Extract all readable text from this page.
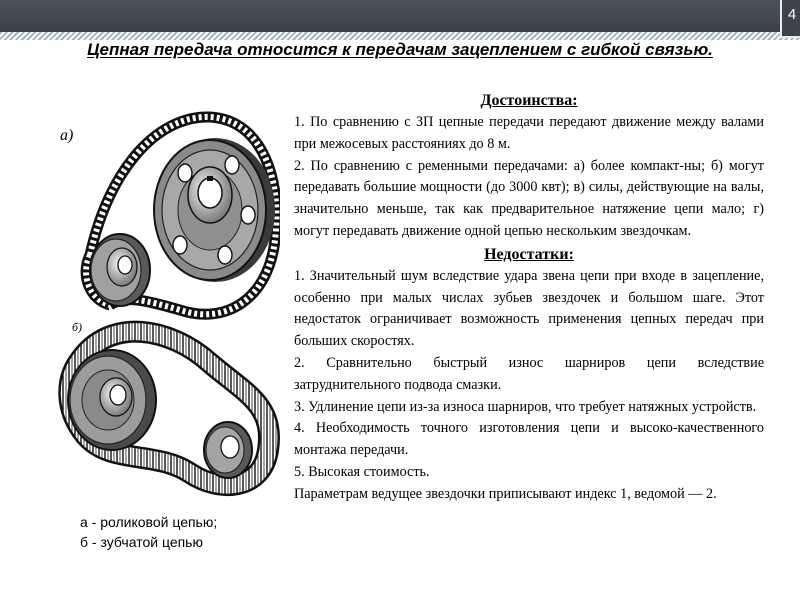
4
Цепная передача относится к передачам зацеплением с гибкой связью.
а)
б)
а - роликовой цепью;
б - зубчатой цепью
Достоинства:

1. По сравнению с ЗП цепные передачи передают движение между валами при межосевых расстояниях до 8 м.

2. По сравнению с ременными передачами: а) более компакт-ны; б) могут передавать большие мощности (до 3000 квт); в) силы, действующие на валы, значительно меньше, так как предварительное натяжение цепи мало; г) могут передавать движение одной цепью нескольким звездочкам.

Недостатки:

1. Значительный шум вследствие удара звена цепи при входе в зацепление, особенно при малых числах зубьев звездочек и большом шаге. Этот недостаток ограничивает возможность применения цепных передач при больших скоростях.

2. Сравнительно быстрый износ шарниров цепи вследствие затруднительного подвода смазки.

3. Удлинение цепи из-за износа шарниров, что требует натяжных устройств.

4. Необходимость точного изготовления цепи и высоко-качественного монтажа передачи.

5. Высокая стоимость.

Параметрам ведущее звездочки приписывают индекс 1, ведомой — 2.
